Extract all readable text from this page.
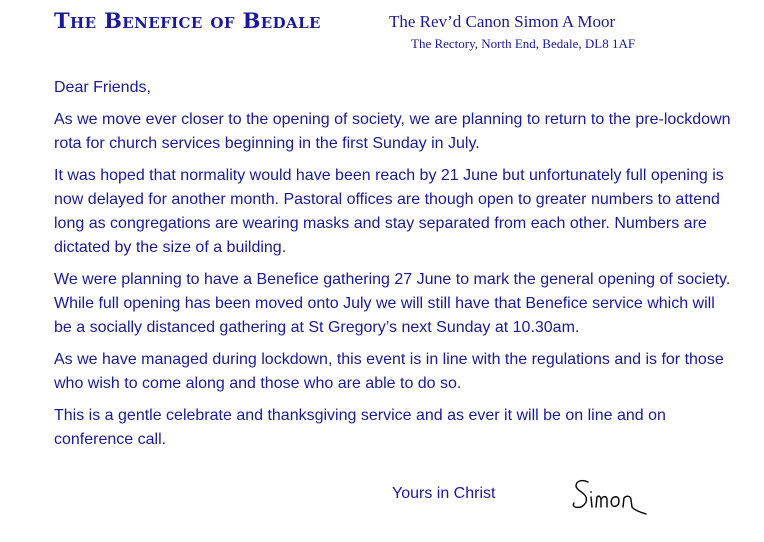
The Benefice of Bedale	The Rev’d Canon Simon A Moor
The Rectory, North End, Bedale, DL8 1AF

Dear Friends,

As we move ever closer to the opening of society, we are planning to return to the pre-lockdown rota for church services beginning in the first Sunday in July.

It was hoped that normality would have been reach by 21 June but unfortunately full opening is now delayed for another month. Pastoral offices are though open to greater numbers to attend long as congregations are wearing masks and stay separated from each other. Numbers are dictated by the size of a building.

We were planning to have a Benefice gathering 27 June to mark the general opening of society. While full opening has been moved onto July we will still have that Benefice service which will be a socially distanced gathering at St Gregory’s next Sunday at 10.30am.

As we have managed during lockdown, this event is in line with the regulations and is for those who wish to come along and those who are able to do so.

This is a gentle celebrate and thanksgiving service and as ever it will be on line and on conference call.

Yours in Christ
